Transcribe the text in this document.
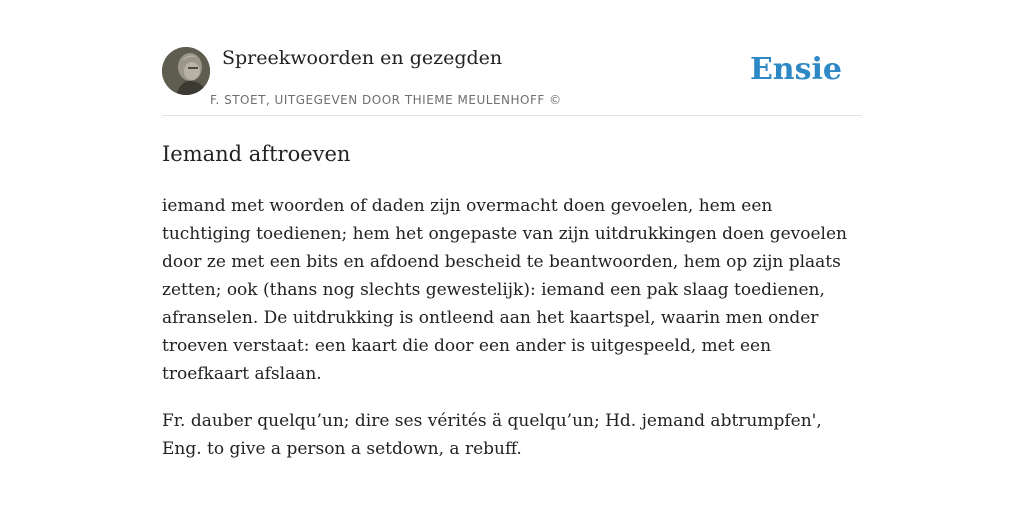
Spreekwoorden en gezegden
F. STOET, UITGEGEVEN DOOR THIEME MEULENHOFF ©
Ensie
Iemand aftroeven

iemand met woorden of daden zijn overmacht doen gevoelen, hem een tuchtiging toedienen; hem het ongepaste van zijn uitdrukkingen doen gevoelen door ze met een bits en afdoend bescheid te beantwoorden, hem op zijn plaats zetten; ook (thans nog slechts gewestelijk): iemand een pak slaag toedienen, afranselen. De uitdrukking is ontleend aan het kaartspel, waarin men onder troeven verstaat: een kaart die door een ander is uitgespeeld, met een troefkaart afslaan.

Fr. dauber quelqu’un; dire ses vérités ä quelqu’un; Hd. jemand abtrumpfen', Eng. to give a person a setdown, a rebuff.
